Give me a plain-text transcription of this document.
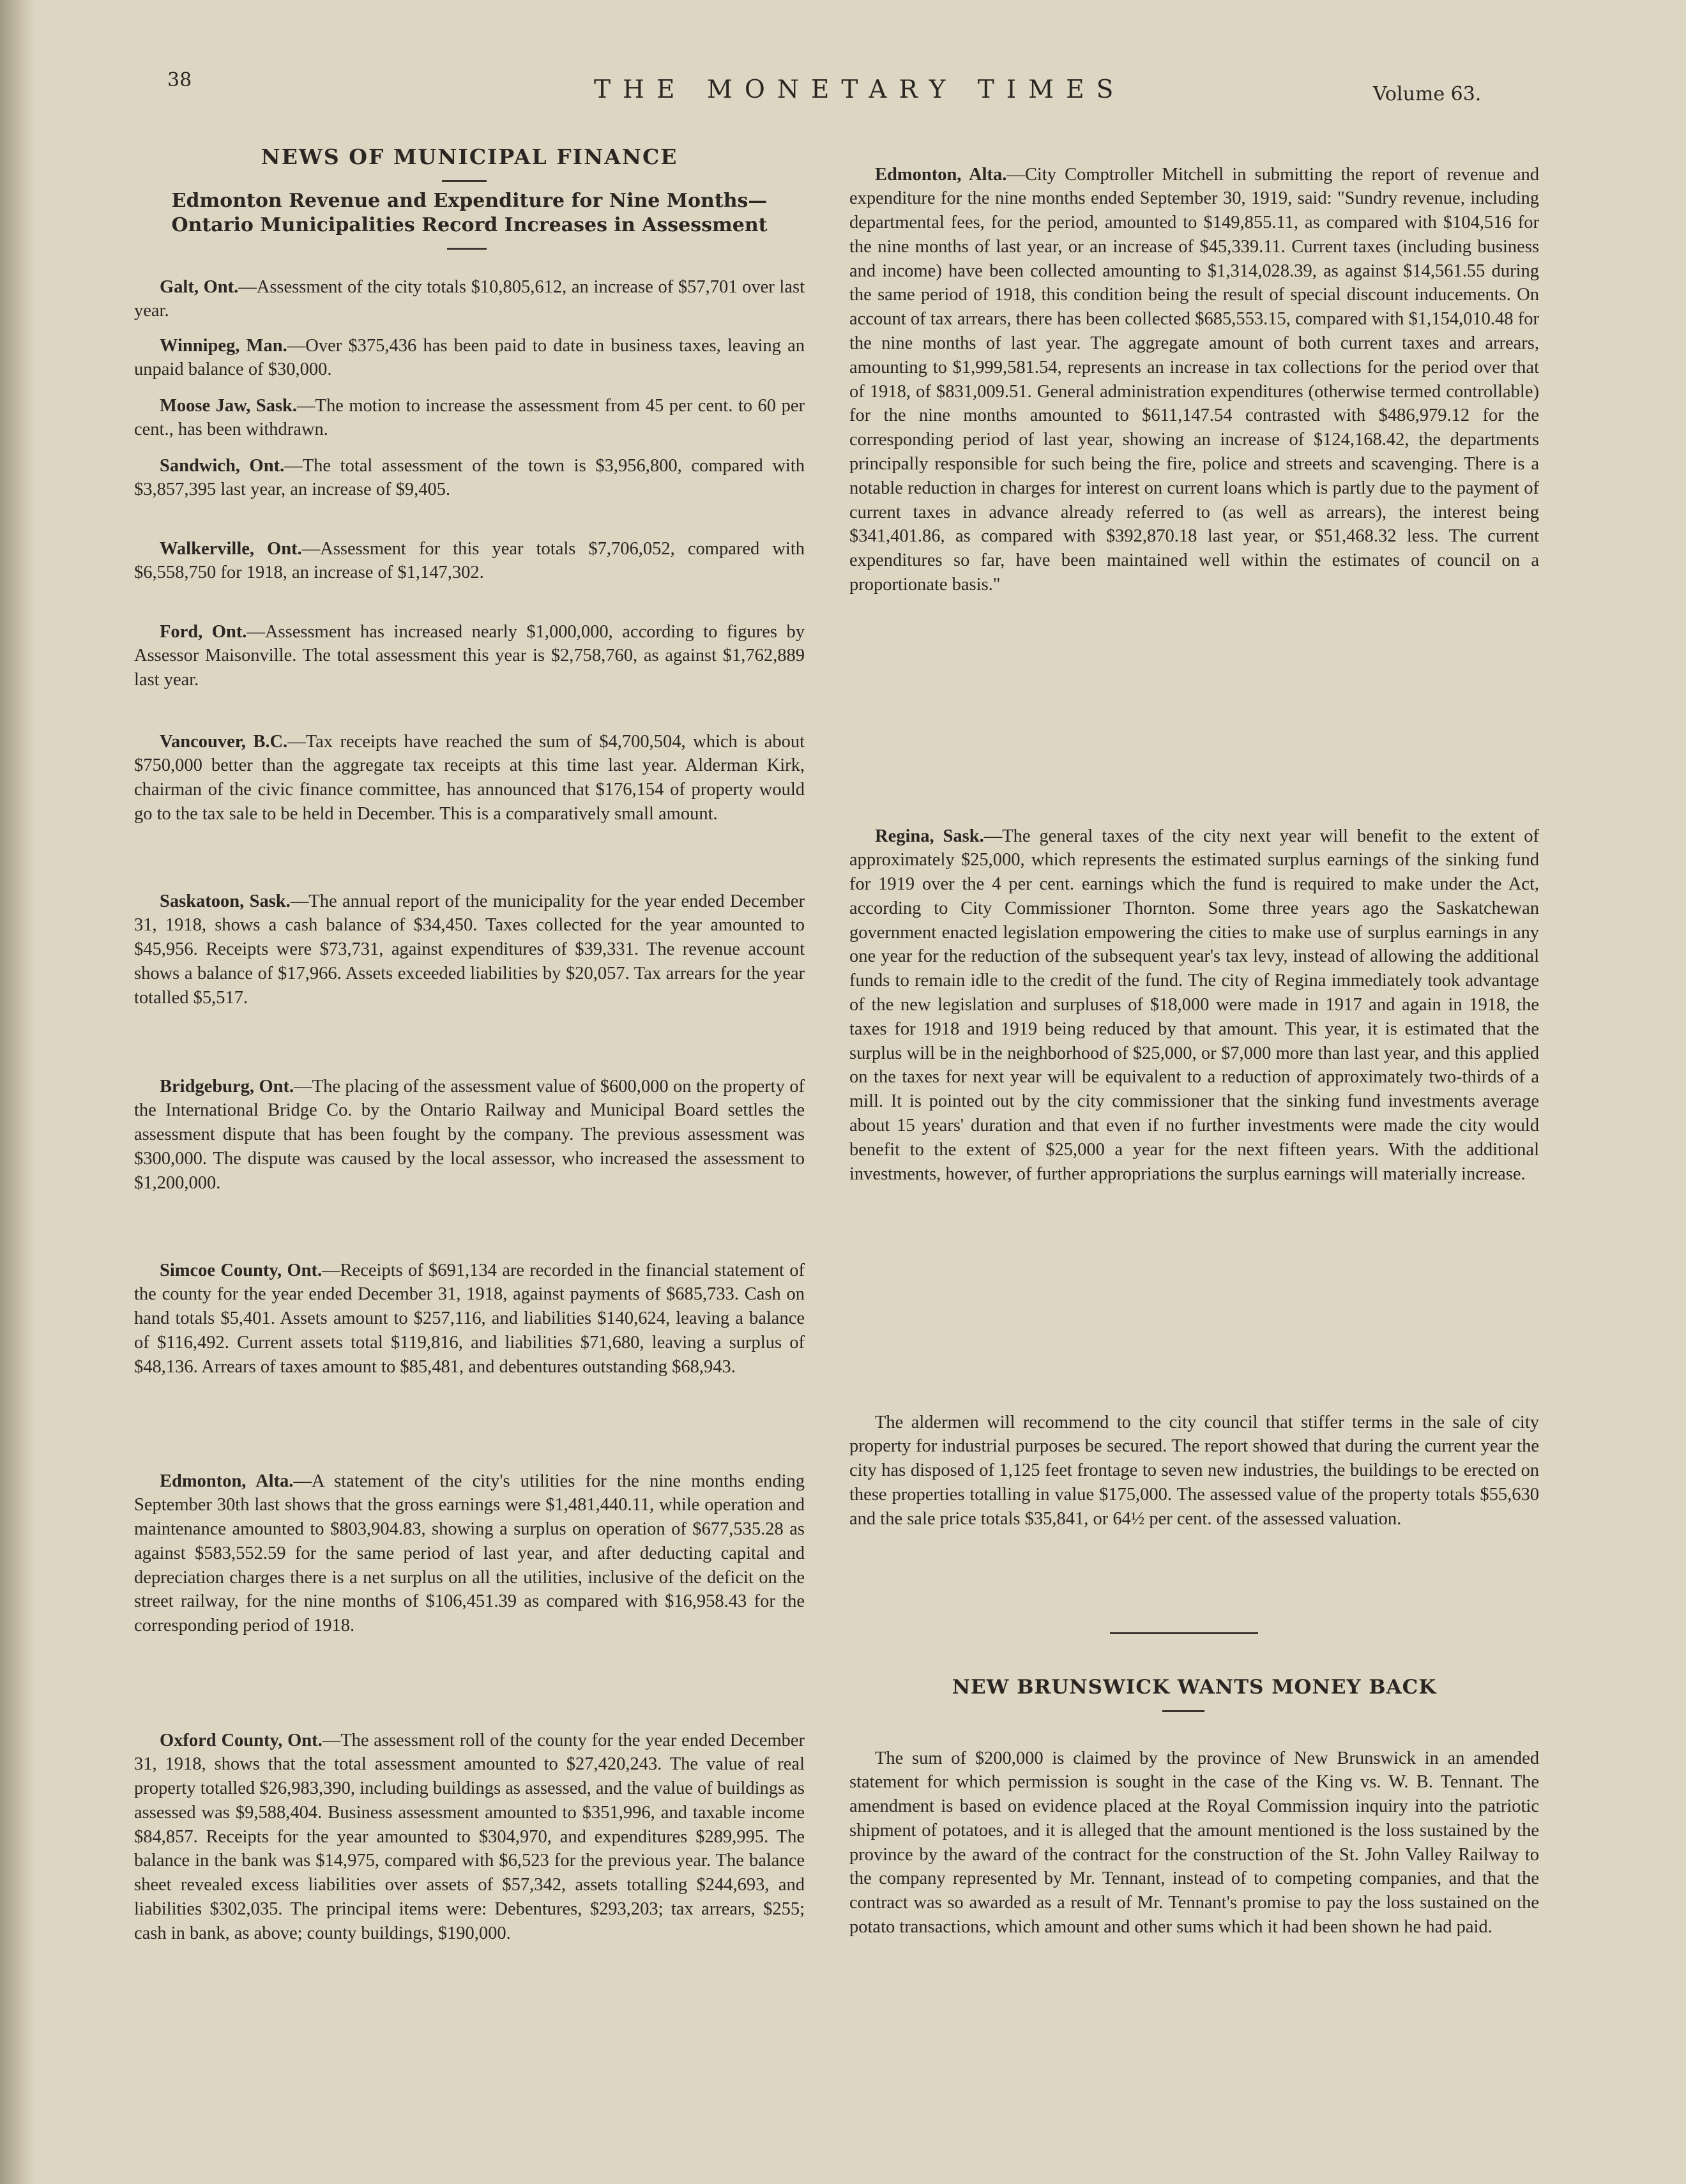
38	THE MONETARY TIMES	Volume 63.
NEWS OF MUNICIPAL FINANCE
Edmonton Revenue and Expenditure for Nine Months—
Ontario Municipalities Record Increases in Assessment

Galt, Ont.—Assessment of the city totals $10,805,612, an increase of $57,701 over last year.

Winnipeg, Man.—Over $375,436 has been paid to date in business taxes, leaving an unpaid balance of $30,000.

Moose Jaw, Sask.—The motion to increase the assessment from 45 per cent. to 60 per cent., has been withdrawn.

Sandwich, Ont.—The total assessment of the town is $3,956,800, compared with $3,857,395 last year, an increase of $9,405.

Walkerville, Ont.—Assessment for this year totals $7,706,052, compared with $6,558,750 for 1918, an increase of $1,147,302.

Ford, Ont.—Assessment has increased nearly $1,000,000, according to figures by Assessor Maisonville. The total assessment this year is $2,758,760, as against $1,762,889 last year.

Vancouver, B.C.—Tax receipts have reached the sum of $4,700,504, which is about $750,000 better than the aggregate tax receipts at this time last year. Alderman Kirk, chairman of the civic finance committee, has announced that $176,154 of property would go to the tax sale to be held in December. This is a comparatively small amount.

Saskatoon, Sask.—The annual report of the municipality for the year ended December 31, 1918, shows a cash balance of $34,450. Taxes collected for the year amounted to $45,956. Receipts were $73,731, against expenditures of $39,331. The revenue account shows a balance of $17,966. Assets exceeded liabilities by $20,057. Tax arrears for the year totalled $5,517.

Bridgeburg, Ont.—The placing of the assessment value of $600,000 on the property of the International Bridge Co. by the Ontario Railway and Municipal Board settles the assessment dispute that has been fought by the company. The previous assessment was $300,000. The dispute was caused by the local assessor, who increased the assessment to $1,200,000.

Simcoe County, Ont.—Receipts of $691,134 are recorded in the financial statement of the county for the year ended December 31, 1918, against payments of $685,733. Cash on hand totals $5,401. Assets amount to $257,116, and liabilities $140,624, leaving a balance of $116,492. Current assets total $119,816, and liabilities $71,680, leaving a surplus of $48,136. Arrears of taxes amount to $85,481, and debentures outstanding $68,943.

Edmonton, Alta.—A statement of the city's utilities for the nine months ending September 30th last shows that the gross earnings were $1,481,440.11, while operation and maintenance amounted to $803,904.83, showing a surplus on operation of $677,535.28 as against $583,552.59 for the same period of last year, and after deducting capital and depreciation charges there is a net surplus on all the utilities, inclusive of the deficit on the street railway, for the nine months of $106,451.39 as compared with $16,958.43 for the corresponding period of 1918.

Oxford County, Ont.—The assessment roll of the county for the year ended December 31, 1918, shows that the total assessment amounted to $27,420,243. The value of real property totalled $26,983,390, including buildings as assessed, and the value of buildings as assessed was $9,588,404. Business assessment amounted to $351,996, and taxable income $84,857. Receipts for the year amounted to $304,970, and expenditures $289,995. The balance in the bank was $14,975, compared with $6,523 for the previous year. The balance sheet revealed excess liabilities over assets of $57,342, assets totalling $244,693, and liabilities $302,035. The principal items were: Debentures, $293,203; tax arrears, $255; cash in bank, as above; county buildings, $190,000.

Edmonton, Alta.—City Comptroller Mitchell in submitting the report of revenue and expenditure for the nine months ended September 30, 1919, said: "Sundry revenue, including departmental fees, for the period, amounted to $149,855.11, as compared with $104,516 for the nine months of last year, or an increase of $45,339.11. Current taxes (including business and income) have been collected amounting to $1,314,028.39, as against $14,561.55 during the same period of 1918, this condition being the result of special discount inducements. On account of tax arrears, there has been collected $685,553.15, compared with $1,154,010.48 for the nine months of last year. The aggregate amount of both current taxes and arrears, amounting to $1,999,581.54, represents an increase in tax collections for the period over that of 1918, of $831,009.51. General administration expenditures (otherwise termed controllable) for the nine months amounted to $611,147.54 contrasted with $486,979.12 for the corresponding period of last year, showing an increase of $124,168.42, the departments principally responsible for such being the fire, police and streets and scavenging. There is a notable reduction in charges for interest on current loans which is partly due to the payment of current taxes in advance already referred to (as well as arrears), the interest being $341,401.86, as compared with $392,870.18 last year, or $51,468.32 less. The current expenditures so far, have been maintained well within the estimates of council on a proportionate basis."

Regina, Sask.—The general taxes of the city next year will benefit to the extent of approximately $25,000, which represents the estimated surplus earnings of the sinking fund for 1919 over the 4 per cent. earnings which the fund is required to make under the Act, according to City Commissioner Thornton. Some three years ago the Saskatchewan government enacted legislation empowering the cities to make use of surplus earnings in any one year for the reduction of the subsequent year's tax levy, instead of allowing the additional funds to remain idle to the credit of the fund. The city of Regina immediately took advantage of the new legislation and surpluses of $18,000 were made in 1917 and again in 1918, the taxes for 1918 and 1919 being reduced by that amount. This year, it is estimated that the surplus will be in the neighborhood of $25,000, or $7,000 more than last year, and this applied on the taxes for next year will be equivalent to a reduction of approximately two-thirds of a mill. It is pointed out by the city commissioner that the sinking fund investments average about 15 years' duration and that even if no further investments were made the city would benefit to the extent of $25,000 a year for the next fifteen years. With the additional investments, however, of further appropriations the surplus earnings will materially increase.

The aldermen will recommend to the city council that stiffer terms in the sale of city property for industrial purposes be secured. The report showed that during the current year the city has disposed of 1,125 feet frontage to seven new industries, the buildings to be erected on these properties totalling in value $175,000. The assessed value of the property totals $55,630 and the sale price totals $35,841, or 64½ per cent. of the assessed valuation.

NEW BRUNSWICK WANTS MONEY BACK

The sum of $200,000 is claimed by the province of New Brunswick in an amended statement for which permission is sought in the case of the King vs. W. B. Tennant. The amendment is based on evidence placed at the Royal Commission inquiry into the patriotic shipment of potatoes, and it is alleged that the amount mentioned is the loss sustained by the province by the award of the contract for the construction of the St. John Valley Railway to the company represented by Mr. Tennant, instead of to competing companies, and that the contract was so awarded as a result of Mr. Tennant's promise to pay the loss sustained on the potato transactions, which amount and other sums which it had been shown he had paid.
